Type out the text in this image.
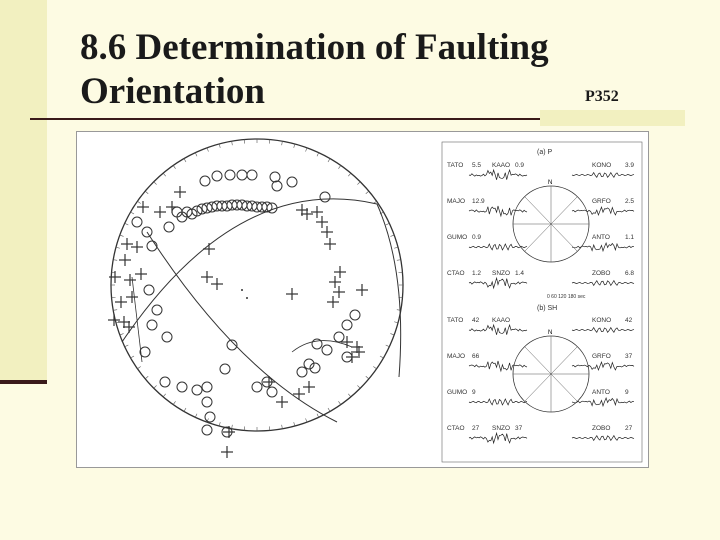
8.6 Determination of Faulting
Orientation	P352
(a) P
TATO 5.5 KAAO 0.9	KONO 3.9
MAJO 12.9	GRFO 2.5
GUMO 0.9	ANTO 1.1
CTAO 1.2 SNZO 1.4	ZOBO 6.8
(b) SH
TATO 42 KAAO	KONO 42
MAJO 66	GRFO 37
GUMO 9	ANTO 9
CTAO 27 SNZO 37	ZOBO 27
N
N
0 60 120 180 sec
